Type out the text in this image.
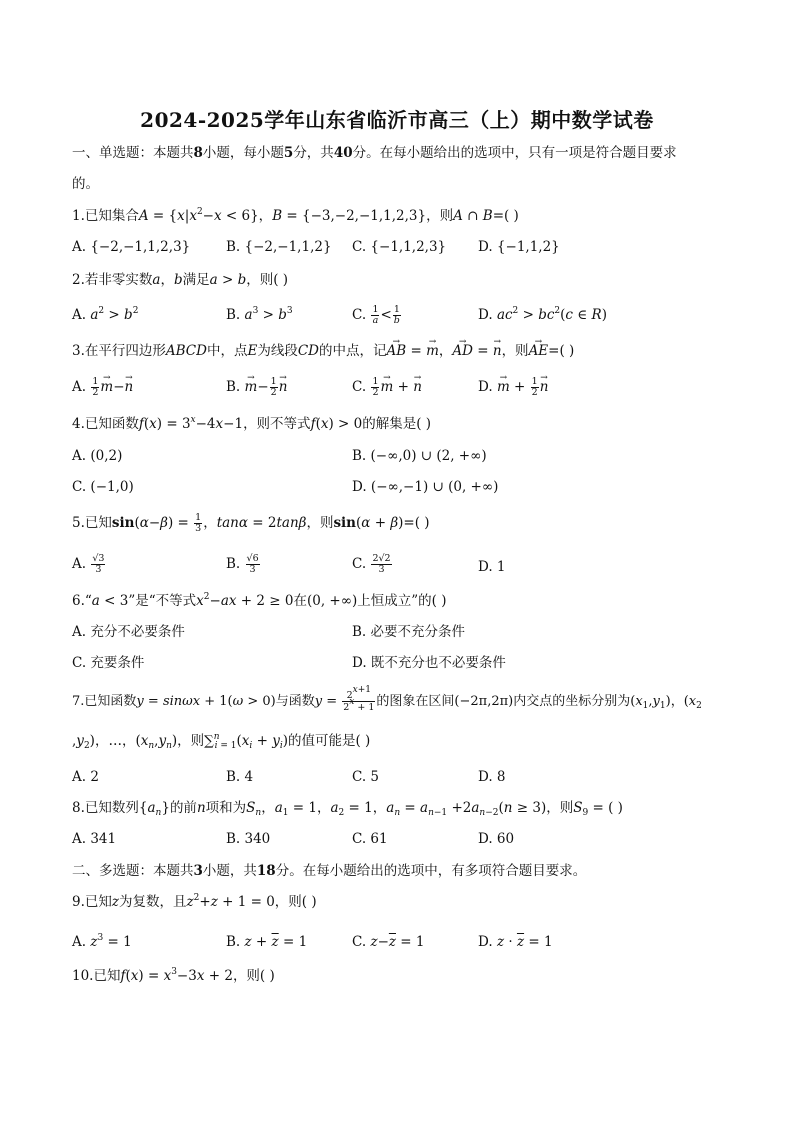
2024-2025学年山东省临沂市高三（上）期中数学试卷
一、单选题：本题共8小题，每小题5分，共40分。在每小题给出的选项中，只有一项是符合题目要求
的。
1.已知集合$A = \{x|x^2-x < 6\}$，B = {−3,−2,−1,1,2,3}，则A ∩ B=( )
A. {−2,−1,1,2,3}	B. {−2,−1,1,2} C. {−1,1,2,3} D. {−1,1,2}
2.若非零实数a，b满足a > b，则( )
A. $a^2 > b^2$	B. $a^3 > b^3$	C. $\frac{1}{a} < \frac{1}{b}$	D. $ac^2 > bc^2(c$ ∈ R)
3.在平行四边形ABCD中，点E为线段CD的中点，记→ AB = → m，→ AD = → n，则→ AE=( )
A. $\frac{1}{2} \to m-\to n$	B. → $m- \frac{1}{2} \to n$	C. $\frac{1}{2} \to m$ + → n	D. → $m + \frac{1}{2} \to n$
4.已知函数$f(x) = 3^x-4x-1$，则不等式f(x) > 0的解集是( )
A. (0,2)	B. (−∞,0) ∪ (2, +∞)
C. (−1,0)	D. (−∞,−1) ∪ (0, +∞)
5.已知$\sin(\alpha-\beta) = \frac{1}{3}$ ，tanα = 2tanβ，则sin(α + β)=( )
A. $\frac{√3}{3}$	B. $\frac{√6}{3}$	C. $\frac{2√2}{3}$	D. 1
6.“a < 3”是“不等式$x^2-ax + 2 \ge 0$在(0, +∞)上恒成立”的( )
A. 充分不必要条件	B. 必要不充分条件
C. 充要条件	D. 既不充分也不必要条件
7.已知函数y = sinωx + 1(ω > 0)与函数$y = \frac{2^{x+1}}{2^x + 1}$ 的图象在区间(−2π,2π)内交点的坐标分别为$(x_1,y_1)$，($x_2$
$,y_2$)，…，$(x_n,y_n)$，则$\sum^n_{i = 1}(x_i + y_i)$的值可能是( )
A. 2	B. 4	C. 5	D. 8
8.已知数列$\{a_n\}$的前n项和为$S_n$，$a_1 = 1$，$a_2 = 1$，$a_n = a_{n-1} +2a_{n-2}(n \ge 3)$，则$S_9$ = ( )
A. 341	B. 340	C. 61	D. 60
二、多选题：本题共3小题，共18分。在每小题给出的选项中，有多项符合题目要求。
9.已知z为复数，且$z^2+z + 1 = 0$，则( )
A. $z^3 = 1$	B. $z + \overline{z} = 1$	C. $z-\overline{z} = 1$	D. $z \cdot \overline{z} = 1$
10.已知$f(x) = x^3-3x + 2$，则( )
